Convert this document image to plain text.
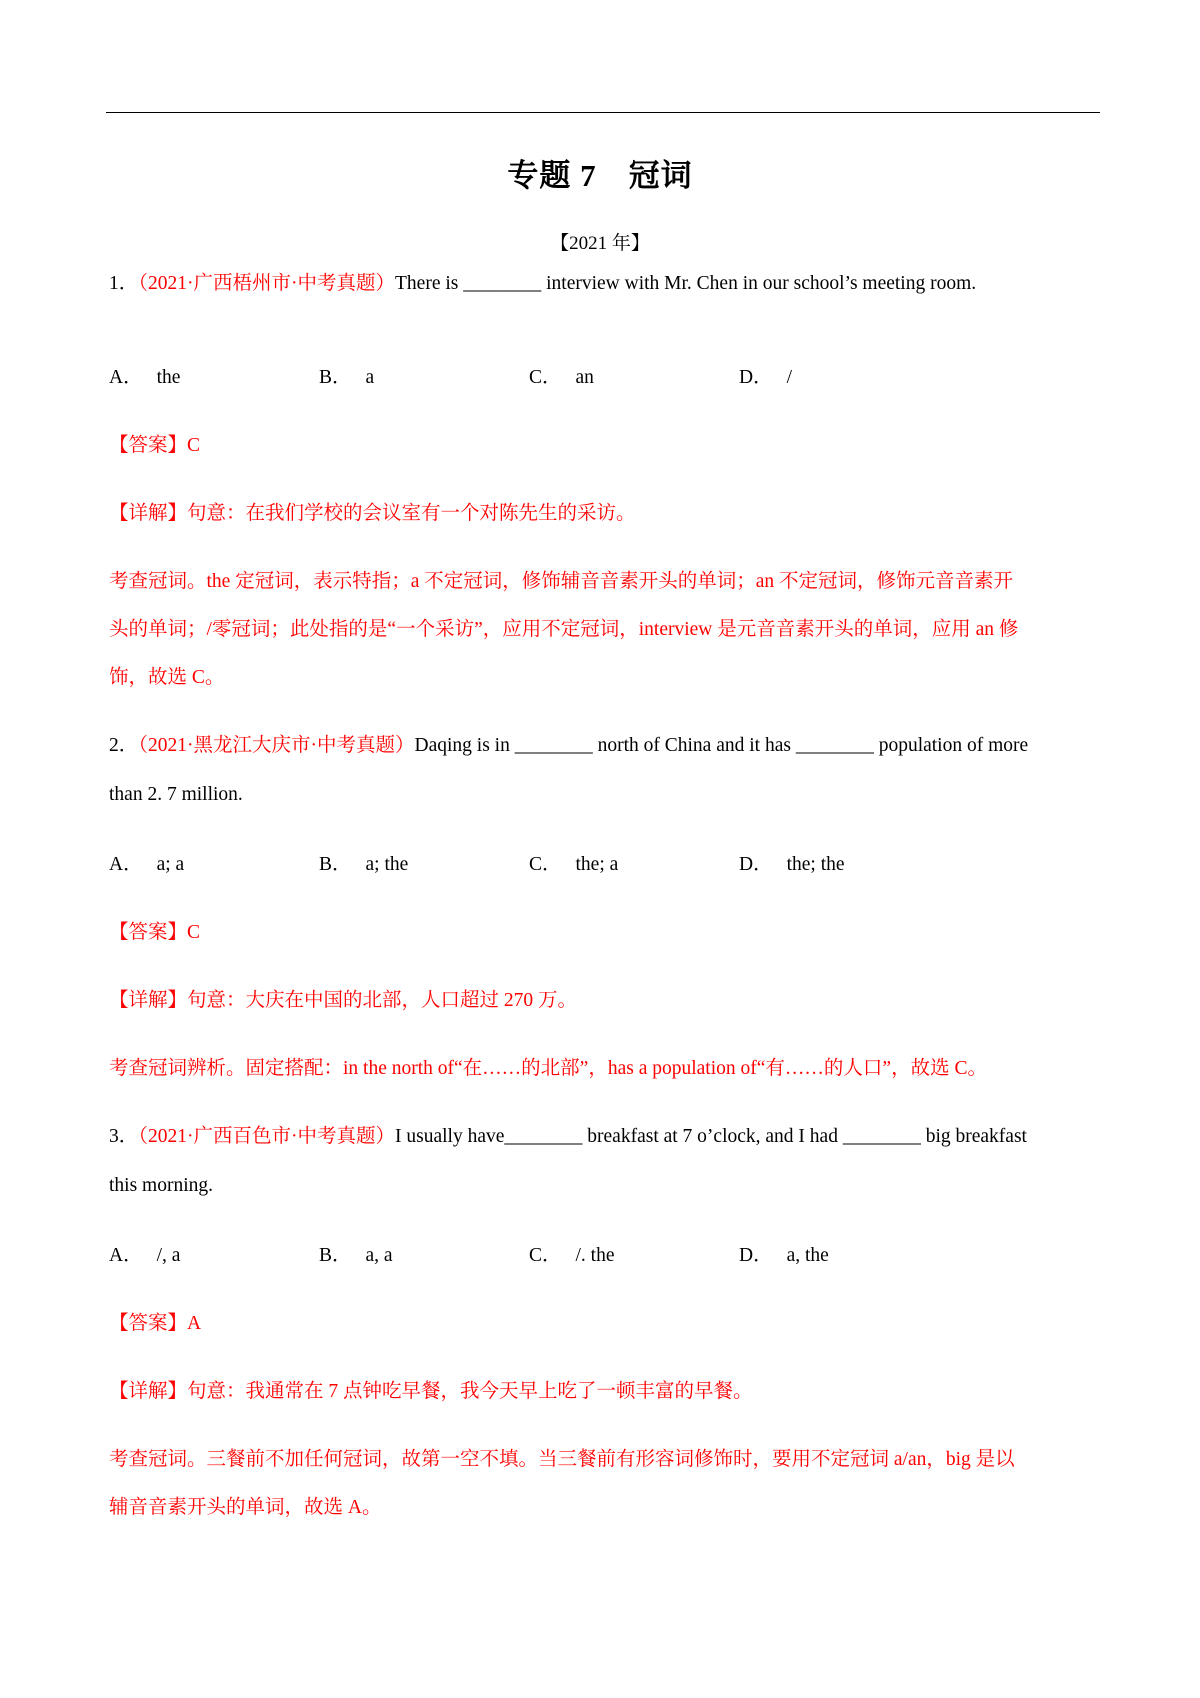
专题 7　冠词
【2021 年】
1．（2021·广西梧州市·中考真题）There is ________ interview with Mr. Chen in our school’s meeting room.
A． the	B． a	C． an	D． /
【答案】C
【详解】句意：在我们学校的会议室有一个对陈先生的采访。
考查冠词。the 定冠词，表示特指；a 不定冠词，修饰辅音音素开头的单词；an 不定冠词，修饰元音音素开
头的单词；/零冠词；此处指的是“一个采访”，应用不定冠词，interview 是元音音素开头的单词，应用 an 修
饰，故选 C。
2．（2021·黑龙江大庆市·中考真题）Daqing is in ________ north of China and it has ________ population of more
than 2. 7 million.
A． a; a	B． a; the	C． the; a	D． the; the
【答案】C
【详解】句意：大庆在中国的北部，人口超过 270 万。
考查冠词辨析。固定搭配：in the north of“在……的北部”，has a population of“有……的人口”，故选 C。
3．（2021·广西百色市·中考真题）I usually have________ breakfast at 7 o’clock, and I had ________ big breakfast
this morning.
A． /, a	B． a, a	C． /. the	D． a, the
【答案】A
【详解】句意：我通常在 7 点钟吃早餐，我今天早上吃了一顿丰富的早餐。
考查冠词。三餐前不加任何冠词，故第一空不填。当三餐前有形容词修饰时，要用不定冠词 a/an，big 是以
辅音音素开头的单词，故选 A。
